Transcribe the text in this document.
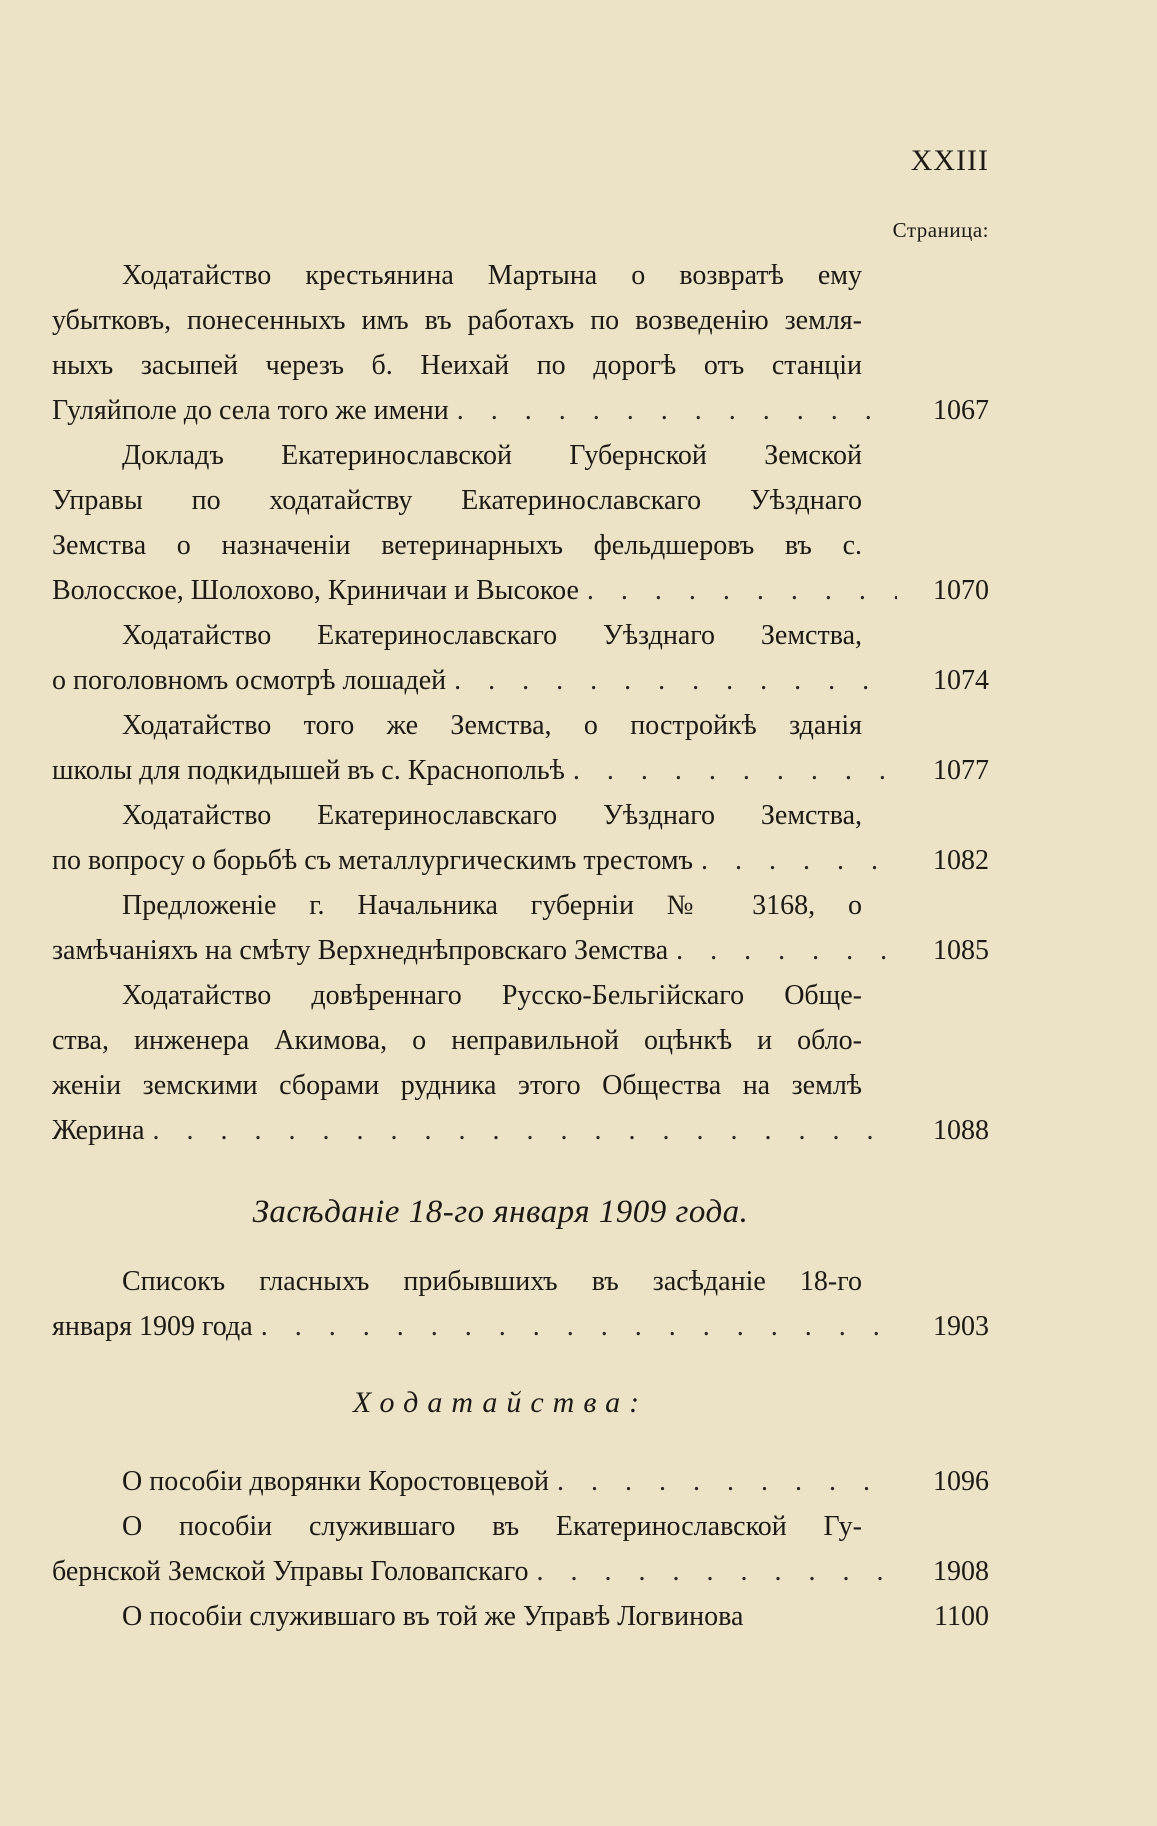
XXIII
Страница:
Ходатайство крестьянина Мартына о возвратѣ ему
убытковъ, понесенныхъ имъ въ работахъ по возведенію земля-
ныхъ засыпей черезъ б. Неихай по дорогѣ отъ станціи
Гуляйполе до села того же имени . . .	1067
Докладъ Екатеринославской Губернской Земской
Управы по ходатайству Екатеринославскаго Уѣзднаго
Земства о назначеніи ветеринарныхъ фельдшеровъ въ с.
Волосское, Шолохово, Криничаи и Высокое . . .	1070
Ходатайство Екатеринославскаго Уѣзднаго Земства,
о поголовномъ осмотрѣ лошадей . . .	1074
Ходатайство того же Земства, о постройкѣ зданія
школы для подкидышей въ с. Краснопольѣ . . .	1077
Ходатайство Екатеринославскаго Уѣзднаго Земства,
по вопросу о борьбѣ съ металлургическимъ трестомъ . . .	1082
Предложеніе г. Начальника губерніи № 3168, о
замѣчаніяхъ на смѣту Верхнеднѣпровскаго Земства . . .	1085
Ходатайство довѣреннаго Русско-Бельгійскаго Обще-
ства, инженера Акимова, о неправильной оцѣнкѣ и обло-
женіи земскими сборами рудника этого Общества на землѣ
Жерина . . .	1088
Засѣданіе 18-го января 1909 года.
Списокъ гласныхъ прибывшихъ въ засѣданіе 18-го
января 1909 года . . .	1903
Ходатайства:
О пособіи дворянки Коростовцевой . . .	1096
О пособіи служившаго въ Екатеринославской Гу-
бернской Земской Управы Головапскаго . . .	1908
О пособіи служившаго въ той же Управѣ Логвинова	1100
